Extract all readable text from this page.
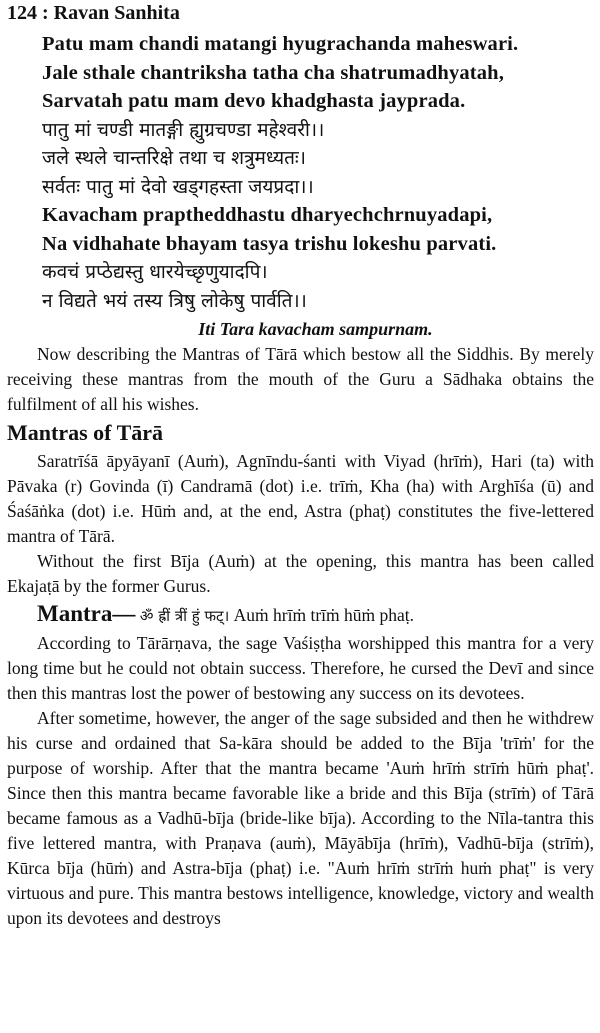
124 : Ravan Sanhita
Patu mam chandi matangi hyugrachanda maheswari.
Jale sthale chantriksha tatha cha shatrumadhyatah,
Sarvatah patu mam devo khadghasta jaypradа.
पातु मां चण्डी मातङ्गी ह्युग्रचण्डा महेश्वरी।।
जले स्थले चान्तरिक्षे तथा च शत्रुमध्यतः।
सर्वतः पातु मां देवो खड्गहस्ता जयप्रदा।।
Kavacham praptheddhastu dharyechchrnuyadapi,
Na vidhahate bhayam tasya trishu lokeshu parvati.
कवचं प्रप्ठेद्यस्तु धारयेच्छृणुयादपि।
न विद्यते भयं तस्य त्रिषु लोकेषु पार्वति।।
Iti Tara kavacham sampurnam.

Now describing the Mantras of Tārā which bestow all the Siddhis. By merely receiving these mantras from the mouth of the Guru a Sādhaka obtains the fulfilment of all his wishes.

Mantras of Tārā

Saratrīśā āpyāyanī (Auṁ), Agnīndu-śanti with Viyad (hrīṁ), Hari (ta) with Pāvaka (r) Govinda (ī) Candramā (dot) i.e. trīṁ, Kha (ha) with Arghīśa (ū) and Śaśāṅka (dot) i.e. Hūṁ and, at the end, Astra (phaṭ) constitutes the five-lettered mantra of Tārā.

Without the first Bīja (Auṁ) at the opening, this mantra has been called Ekajaṭā by the former Gurus.

Mantra— ॐ ह्रीं त्रीं हुं फट्। Auṁ hrīṁ trīṁ hūṁ phaṭ.

According to Tārārṇava, the sage Vaśiṣṭha worshipped this mantra for a very long time but he could not obtain success. Therefore, he cursed the Devī and since then this mantras lost the power of bestowing any success on its devotees.

After sometime, however, the anger of the sage subsided and then he withdrew his curse and ordained that Sa-kāra should be added to the Bīja 'trīṁ' for the purpose of worship. After that the mantra became 'Auṁ hrīṁ strīṁ hūṁ phaṭ'. Since then this mantra became favorable like a bride and this Bīja (strīṁ) of Tārā became famous as a Vadhū-bīja (bride-like bīja). According to the Nīla-tantra this five lettered mantra, with Praṇava (auṁ), Māyābīja (hrīṁ), Vadhū-bīja (strīṁ), Kūrca bīja (hūṁ) and Astra-bīja (phaṭ) i.e. "Auṁ hrīṁ strīṁ huṁ phaṭ" is very virtuous and pure. This mantra bestows intelligence, knowledge, victory and wealth upon its devotees and destroys
